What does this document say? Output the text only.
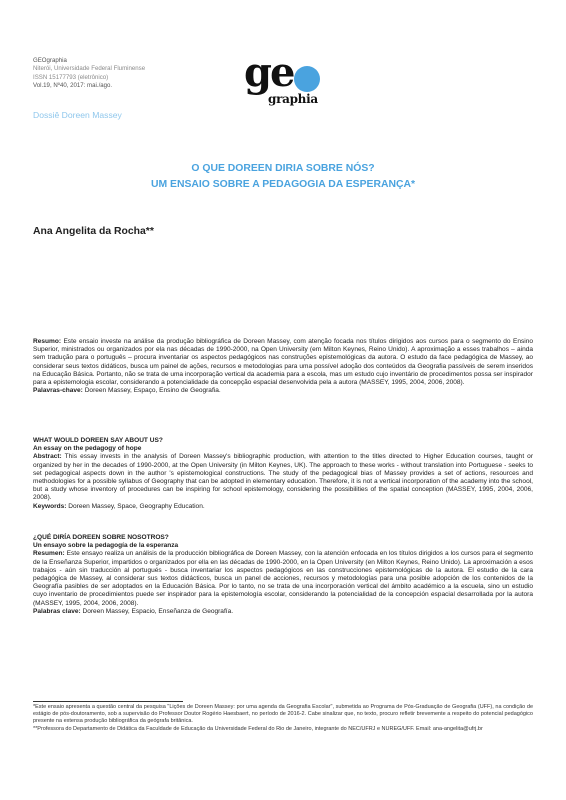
GEOgraphia
Niterói, Universidade Federal Fluminense
ISSN 15177793 (eletrônico)
Vol.19, Nº40, 2017: mai./ago.	ge
graphia
Dossiê Doreen Massey
O QUE DOREEN DIRIA SOBRE NÓS?
UM ENSAIO SOBRE A PEDAGOGIA DA ESPERANÇA*
Ana Angelita da Rocha**
Resumo: Este ensaio investe na análise da produção bibliográfica de Doreen Massey, com atenção focada nos títulos dirigidos aos cursos para o segmento do Ensino Superior, ministrados ou organizados por ela nas décadas de 1990-2000, na Open University (em Milton Keynes, Reino Unido). A aproximação a esses trabalhos – ainda sem tradução para o português – procura inventariar os aspectos pedagógicos nas construções epistemológicas da autora. O estudo da face pedagógica de Massey, ao considerar seus textos didáticos, busca um painel de ações, recursos e metodologias para uma possível adoção dos conteúdos da Geografia passíveis de serem inseridos na Educação Básica. Portanto, não se trata de uma incorporação vertical da academia para a escola, mas um estudo cujo inventário de procedimentos possa ser inspirador para a epistemologia escolar, considerando a potencialidade da concepção espacial desenvolvida pela a autora (MASSEY, 1995, 2004, 2006, 2008).
Palavras-chave: Doreen Massey, Espaço, Ensino de Geografia.
WHAT WOULD DOREEN SAY ABOUT US?
An essay on the pedagogy of hope
Abstract: This essay invests in the analysis of Doreen Massey's bibliographic production, with attention to the titles directed to Higher Education courses, taught or organized by her in the decades of 1990-2000, at the Open University (in Milton Keynes, UK). The approach to these works - without translation into Portuguese - seeks to set pedagogical aspects down in the author 's epistemological constructions. The study of the pedagogical bias of Massey provides a set of actions, resources and methodologies for a possible syllabus of Geography that can be adopted in elementary education. Therefore, it is not a vertical incorporation of the academy into the school, but a study whose inventory of procedures can be inspiring for school epistemology, considering the possibilities of the spatial conception (MASSEY, 1995, 2004, 2006, 2008).
Keywords: Doreen Massey, Space, Geography Education.
¿QUÉ DIRÍA DOREEN SOBRE NOSOTROS?
Un ensayo sobre la pedagogía de la esperanza
Resumen: Este ensayo realiza un análisis de la producción bibliográfica de Doreen Massey, con la atención enfocada en los títulos dirigidos a los cursos para el segmento de la Enseñanza Superior, impartidos o organizados por ella en las décadas de 1990-2000, en la Open University (en Milton Keynes, Reino Unido). La aproximación a esos trabajos - aún sin traducción al portugués - busca inventariar los aspectos pedagógicos en las construcciones epistemológicas de la autora. El estudio de la cara pedagógica de Massey, al considerar sus textos didácticos, busca un panel de acciones, recursos y metodologías para una posible adopción de los contenidos de la Geografía pasibles de ser adoptados en la Educación Básica. Por lo tanto, no se trata de una incorporación vertical del ámbito académico a la escuela, sino un estudio cuyo inventario de procedimientos puede ser inspirador para la epistemología escolar, considerando la potencialidad de la concepción espacial desarrollada por la autora (MASSEY, 1995, 2004, 2006, 2008).
Palabras clave: Doreen Massey, Espacio, Enseñanza de Geografía.
*Este ensaio apresenta a questão central da pesquisa "Lições de Doreen Massey: por uma agenda da Geografia Escolar", submetida ao Programa de Pós-Graduação de Geografia (UFF), na condição de estágio de pós-doutoramento, sob a supervisão do Professor Doutor Rogério Haesbaert, no período de 2016-2. Cabe sinalizar que, no texto, procuro refletir brevemente a respeito do potencial pedagógico presente na extensa produção bibliográfica da geógrafa britânica.
**Professora do Departamento de Didática da Faculdade de Educação da Universidade Federal do Rio de Janeiro, integrante do NEC/UFRJ e NUREG/UFF. Email: ana-angelita@ufrj.br
